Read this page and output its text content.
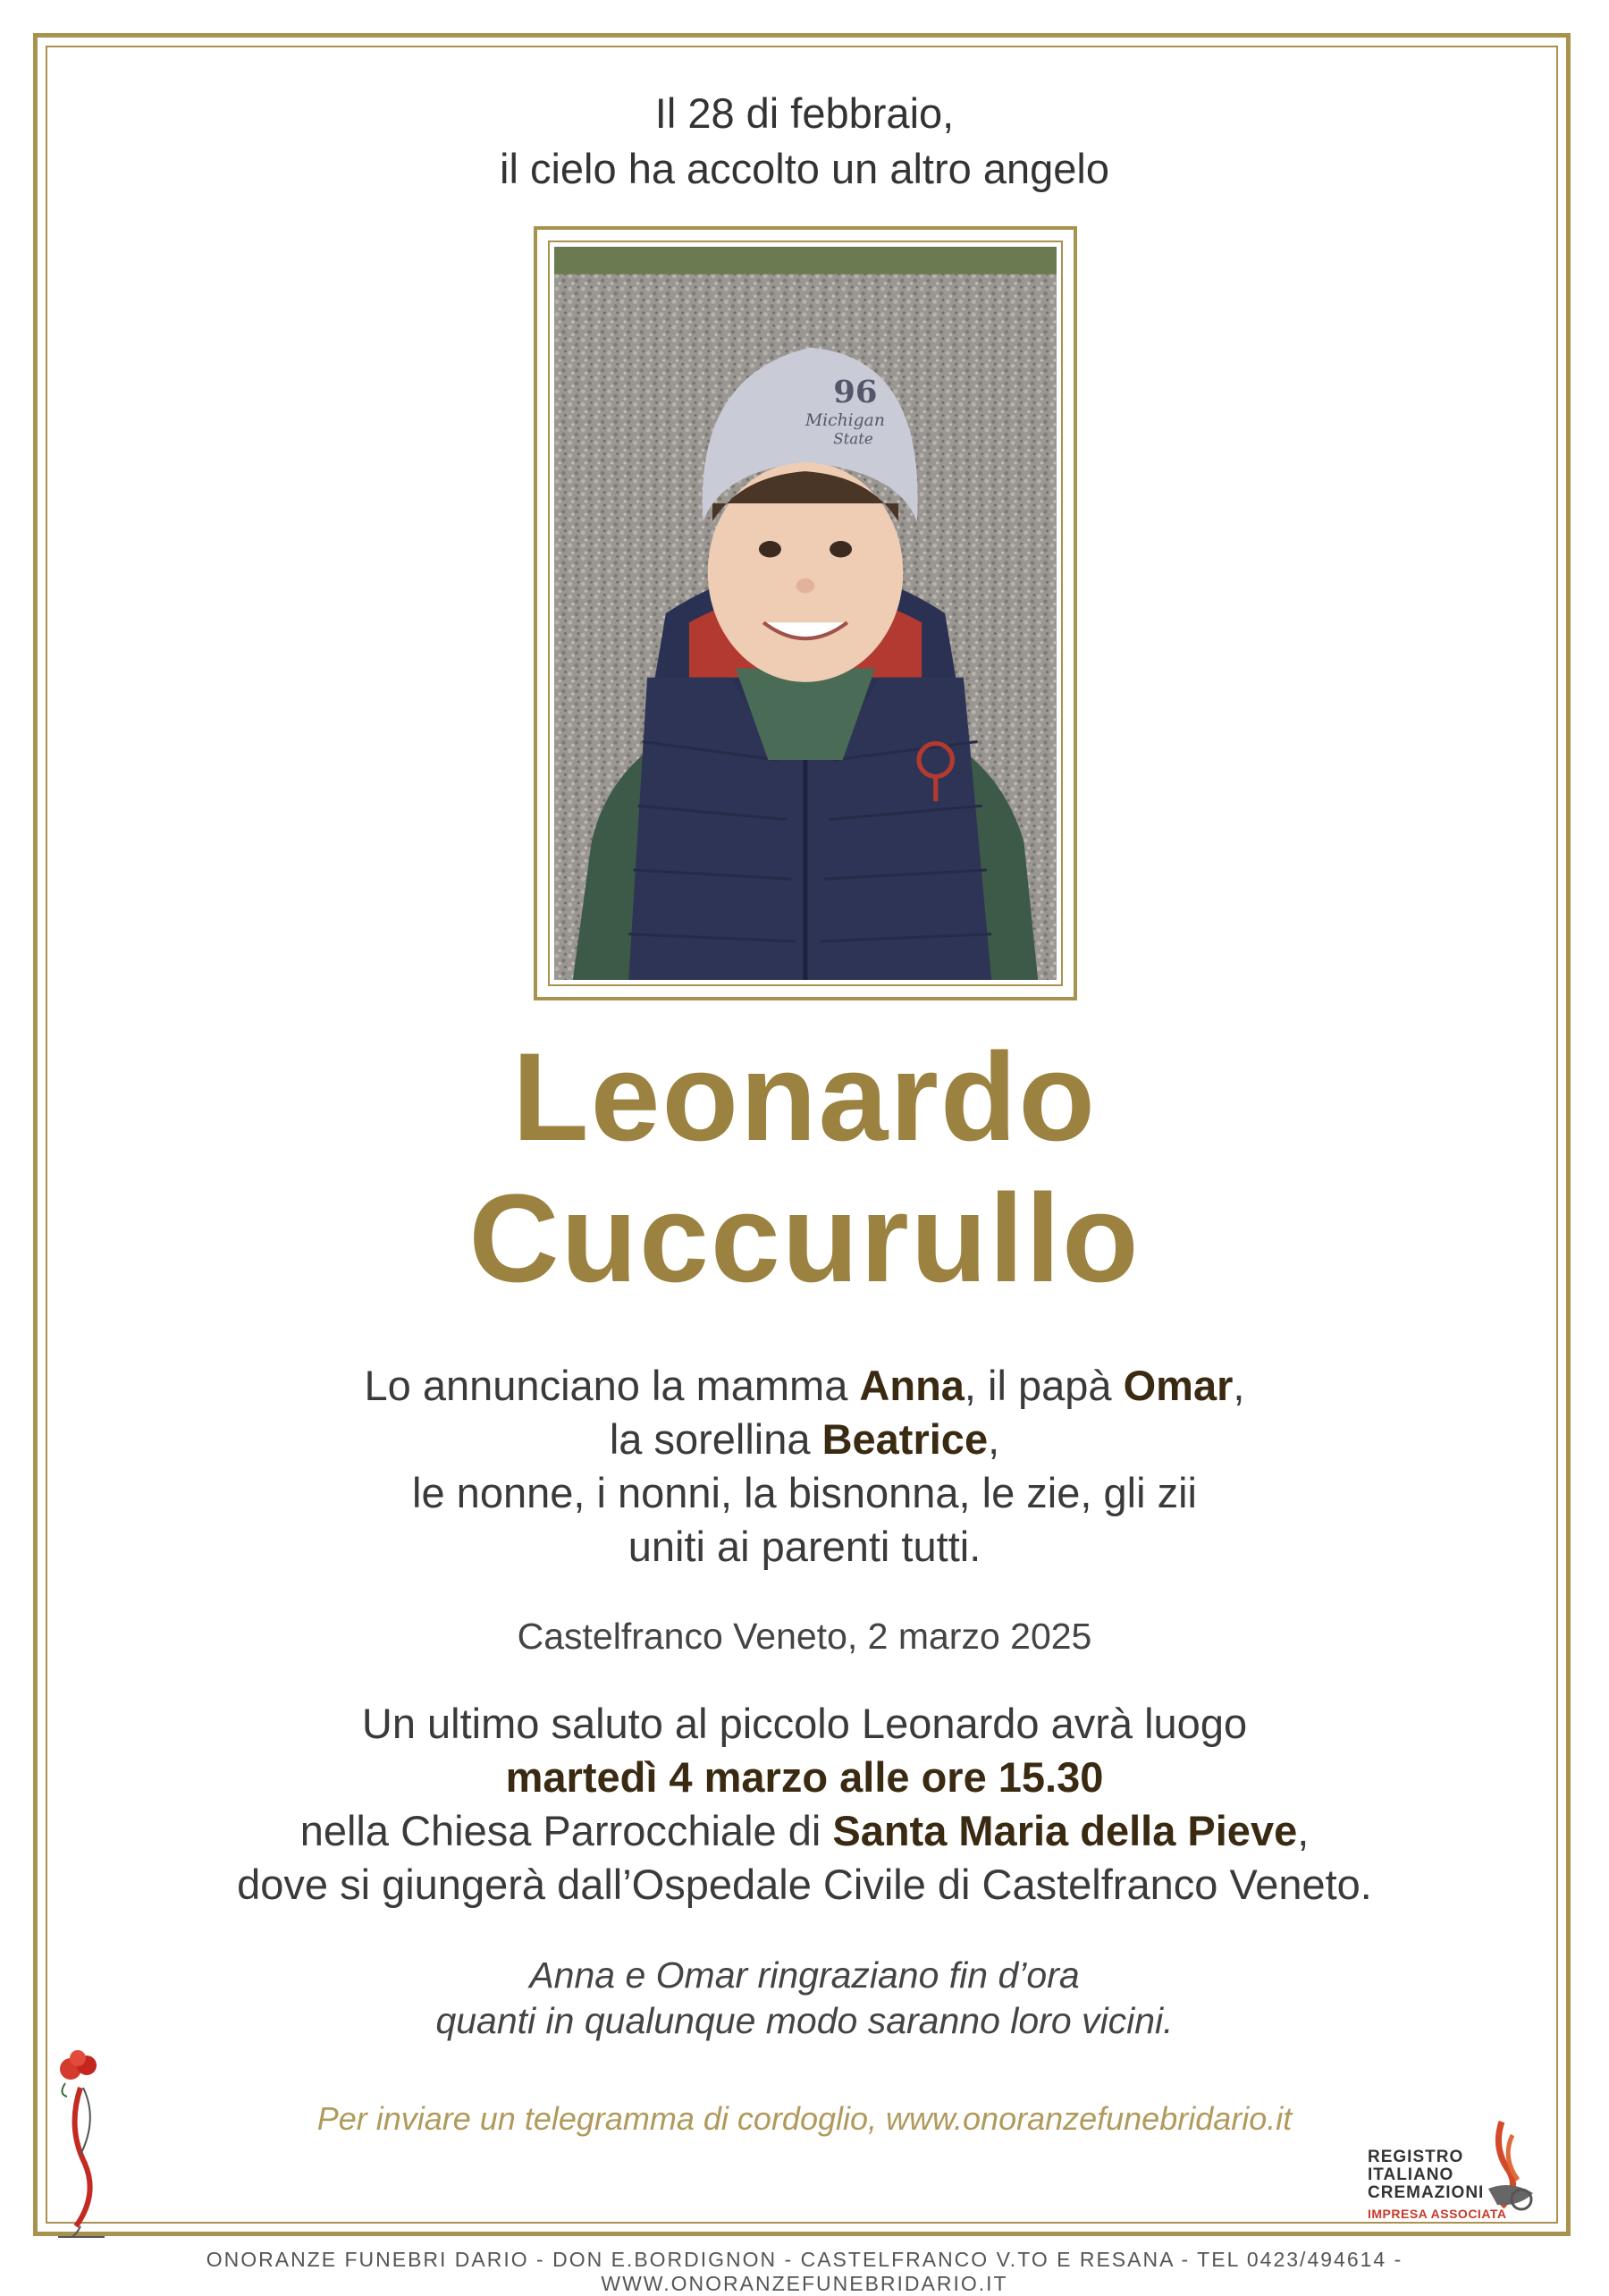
Il 28 di febbraio,
il cielo ha accolto un altro angelo
96
Michigan
State
Leonardo
Cuccurullo
Lo annunciano la mamma Anna, il papà Omar,
la sorellina Beatrice,
le nonne, i nonni, la bisnonna, le zie, gli zii
uniti ai parenti tutti.
Castelfranco Veneto, 2 marzo 2025
Un ultimo saluto al piccolo Leonardo avrà luogo
martedì 4 marzo alle ore 15.30
nella Chiesa Parrocchiale di Santa Maria della Pieve,
dove si giungerà dall’Ospedale Civile di Castelfranco Veneto.
Anna e Omar ringraziano fin d’ora
quanti in qualunque modo saranno loro vicini.
Per inviare un telegramma di cordoglio, www.onoranzefunebridario.it
REGISTRO
ITALIANO
CREMAZIONI
IMPRESA ASSOCIATA
ONORANZE FUNEBRI DARIO - DON E.BORDIGNON - CASTELFRANCO V.TO E RESANA - TEL 0423/494614 - WWW.ONORANZEFUNEBRIDARIO.IT
